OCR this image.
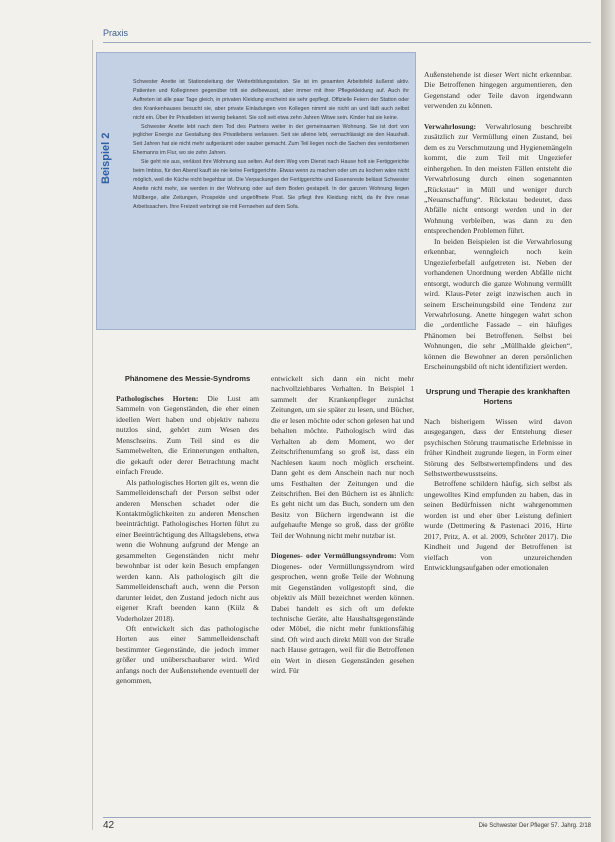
Praxis

Schwester Anette ist Stationsleitung der Weiterbildungsstation. Sie ist im gesamten Arbeitsfeld äußerst aktiv. Patienten und Kolleginnen gegenüber tritt sie zielbewusst, aber immer mit ihrer Pflegekleidung auf. Auch ihr Auftreten ist alle paar Tage gleich, in privaten Kleidung erscheint sie sehr gepflegt. Offizielle Feiern der Station oder des Krankenhauses besucht sie, aber private Einladungen von Kollegen nimmt sie nicht an und lädt auch selbst nicht ein. Über ihr Privatleben ist wenig bekannt. Sie soll seit etwa zehn Jahren Witwe sein. Kinder hat sie keine.

Schwester Anette lebt nach dem Tod des Partners weiter in der gemeinsamen Wohnung. Sie ist dort von jeglicher Energie zur Gestaltung des Privatlebens verlassen. Seit sie alleine lebt, vernachlässigt sie den Haushalt. Seit Jahren hat sie nicht mehr aufgeräumt oder sauber gemacht. Zum Teil liegen noch die Sachen des verstorbenen Ehemanns im Flur, wo sie zehn Jahren.

Sie geht nie aus, verlässt ihre Wohnung aus selten. Auf dem Weg vom Dienst nach Hause holt sie Fertiggerichte beim Imbiss, für den Abend kauft sie nie keine Fertiggerichte. Etwas wenn zu machen oder um zu kochen wäre nicht möglich, weil die Küche nicht begehbar ist. Die Verpackungen der Fertiggerichte und Essensreste belässt Schwester Anette nicht mehr, sie werden in der Wohnung oder auf dem Boden gestapelt. In der ganzen Wohnung liegen Müllberge, alte Zeitungen, Prospekte und ungeöffnete Post. Sie pflegt ihre Kleidung nicht, da ihr ihre neue Arbeitssachen. Ihre Freizeit verbringt sie mit Fernsehen auf dem Sofa.

Phänomene des Messie-Syndroms

Pathologisches Horten: Die Lust am Sammeln von Gegenständen, die eher einen ideellen Wert haben und objektiv nahezu nutzlos sind, gehört zum Wesen des Menschseins. Zum Teil sind es die Sammelwelten, die Erinnerungen enthalten, die gekauft oder derer Betrachtung macht einfach Freude.

Als pathologisches Horten gilt es, wenn die Sammelleidenschaft der Person selbst oder anderen Menschen schadet oder die Kontaktmöglichkeiten zu anderen Menschen beeinträchtigt. Pathologisches Horten führt zu einer Beeinträchtigung des Alltagslebens, etwa wenn die Wohnung aufgrund der Menge an gesammelten Gegenständen nicht mehr bewohnbar ist oder kein Besuch empfangen werden kann. Als pathologisch gilt die Sammelleidenschaft auch, wenn die Person darunter leidet, den Zustand jedoch nicht aus eigener Kraft beenden kann (Külz & Voderholzer 2018).

Oft entwickelt sich das pathologische Horten aus einer Sammelleidenschaft bestimmter Gegenstände, die jedoch immer größer und unüberschaubarer wird. Wird anfangs noch der Außenstehende eventuell der genommen,

entwickelt sich dann ein nicht mehr nachvollziehbares Verhalten. In Beispiel 1 sammelt der Krankenpfleger zunächst Zeitungen, um sie später zu lesen, und Bücher, die er lesen möchte oder schon gelesen hat und behalten möchte. Pathologisch wird das Verhalten ab dem Moment, wo der Zeitschriftenumfang so groß ist, dass ein Nachlesen kaum noch möglich erscheint. Dann geht es dem Anschein nach nur noch ums Festhalten der Zeitungen und die Zeitschriften. Bei den Büchern ist es ähnlich: Es geht nicht um das Buch, sondern um den Besitz von Büchern irgendwann ist die aufgehaufte Menge so groß, dass der größte Teil der Wohnung nicht mehr nutzbar ist.

Diogenes- oder Vermüllungssyndrom: Vom Diogenes- oder Vermüllungssyndrom wird gesprochen, wenn große Teile der Wohnung mit Gegenständen vollgestopft sind, die objektiv als Müll bezeichnet werden können. Dabei handelt es sich oft um defekte technische Geräte, alte Haushaltsgegenstände oder Möbel, die nicht mehr funktionsfähig sind. Oft wird auch direkt Müll von der Straße nach Hause getragen, weil für die Betroffenen ein Wert in diesen Gegenständen gesehen wird. Für

Außenstehende ist dieser Wert nicht erkennbar. Die Betroffenen hingegen argumentieren, den Gegenstand oder Teile davon irgendwann verwenden zu können.

Verwahrlosung: Verwahrlosung beschreibt zusätzlich zur Vermüllung einen Zustand, bei dem es zu Verschmutzung und Hygienemängeln kommt, die zum Teil mit Ungeziefer einhergehen. In den meisten Fällen entsteht die Verwahrlosung durch einen sogenannten „Rückstau“ in Müll und weniger durch „Neuanschaffung“. Rückstau bedeutet, dass Abfälle nicht entsorgt werden und in der Wohnung verbleiben, was dann zu den entsprechenden Problemen führt.

In beiden Beispielen ist die Verwahrlosung erkennbar, wenngleich noch kein Ungezieferbefall aufgetreten ist. Neben der vorhandenen Unordnung werden Abfälle nicht entsorgt, wodurch die ganze Wohnung vermüllt wird. Klaus-Peter zeigt inzwischen auch in seinem Erscheinungsbild eine Tendenz zur Verwahrlosung. Anette hingegen wahrt schon die „ordentliche Fassade – ein häufiges Phänomen bei Betroffenen. Selbst bei Wohnungen, die sehr „Müllhalde gleichen“, können die Bewohner an deren persönlichen Erscheinungsbild oft nicht identifiziert werden.

Ursprung und Therapie des krankhaften Hortens

Nach bisherigem Wissen wird davon ausgegangen, dass der Entstehung dieser psychischen Störung traumatische Erlebnisse in früher Kindheit zugrunde liegen, in Form einer Störung des Selbstwertempfindens und des Selbstwertbewusstseins.

Betroffene schildern häufig, sich selbst als ungewolltes Kind empfunden zu haben, das in seinen Bedürfnissen nicht wahrgenommen worden ist und eher über Leistung definiert wurde (Dettmering & Pastenaci 2016, Hirte 2017, Pritz, A. et al. 2009, Schröter 2017). Die Kindheit und Jugend der Betroffenen ist vielfach von unzureichenden Entwicklungsaufgaben oder emotionalen

42	Die Schwester Der Pfleger 57. Jahrg. 2/18
